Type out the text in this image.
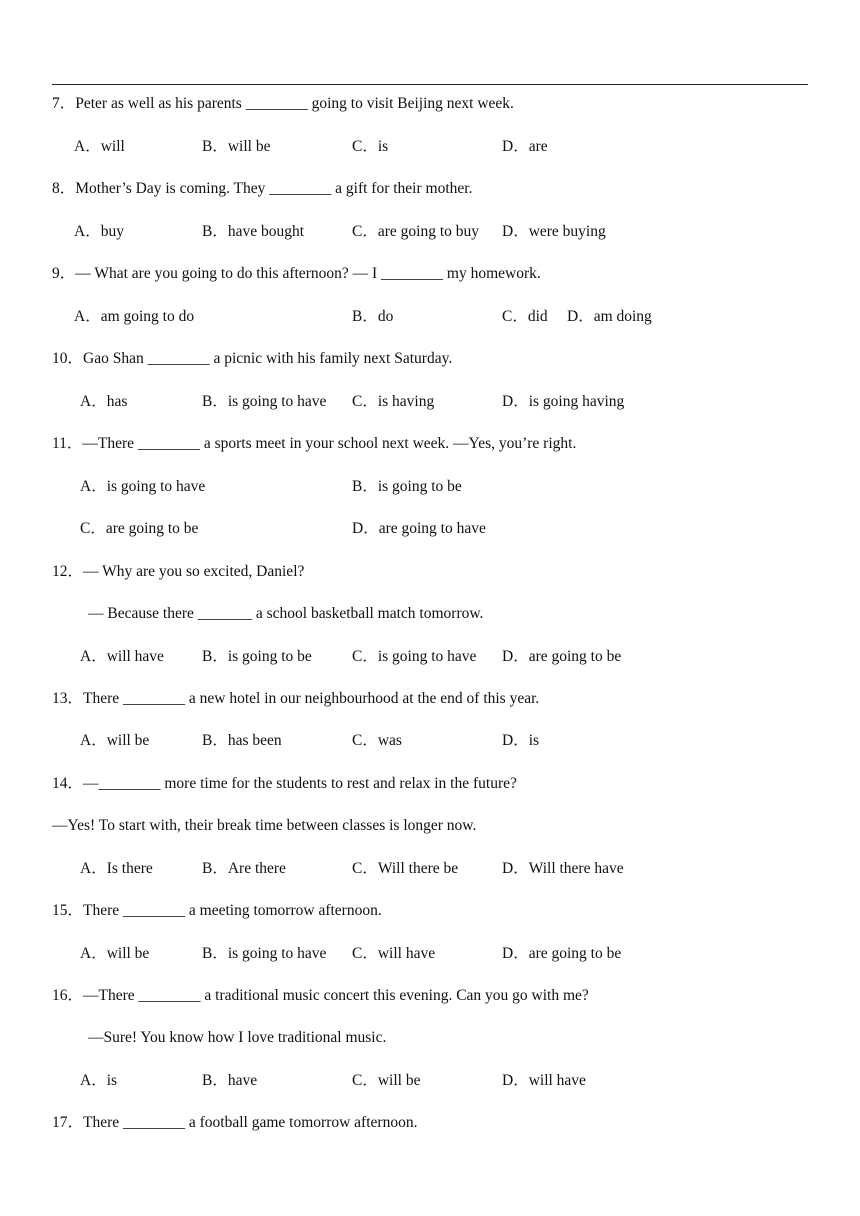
7．Peter as well as his parents ________ going to visit Beijing next week.
A．will	B．will be	C．is	D．are
8．Mother’s Day is coming. They ________ a gift for their mother.
A．buy	B．have bought	C．are going to buy D．were buying
9．— What are you going to do this afternoon? — I ________ my homework.
A．am going to do	B．do	C．did D．am doing
10．Gao Shan ________ a picnic with his family next Saturday.
A．has	B．is going to have C．is having	D．is going having
11．—There ________ a sports meet in your school next week. —Yes, you’re right.
A．is going to have	B．is going to be
C．are going to be	D．are going to have
12．— Why are you so excited, Daniel?
— Because there _______ a school basketball match tomorrow.
A．will have B．is going to be	C．is going to have D．are going to be
13．There ________ a new hotel in our neighbourhood at the end of this year.
A．will be	B．has been	C．was	D．is
14．—________ more time for the students to rest and relax in the future?
—Yes! To start with, their break time between classes is longer now.
A．Is there	B．Are there	C．Will there be	D．Will there have
15．There ________ a meeting tomorrow afternoon.
A．will be	B．is going to have C．will have	D．are going to be
16．—There ________ a traditional music concert this evening. Can you go with me?
—Sure! You know how I love traditional music.
A．is	B．have	C．will be	D．will have
17．There ________ a football game tomorrow afternoon.
